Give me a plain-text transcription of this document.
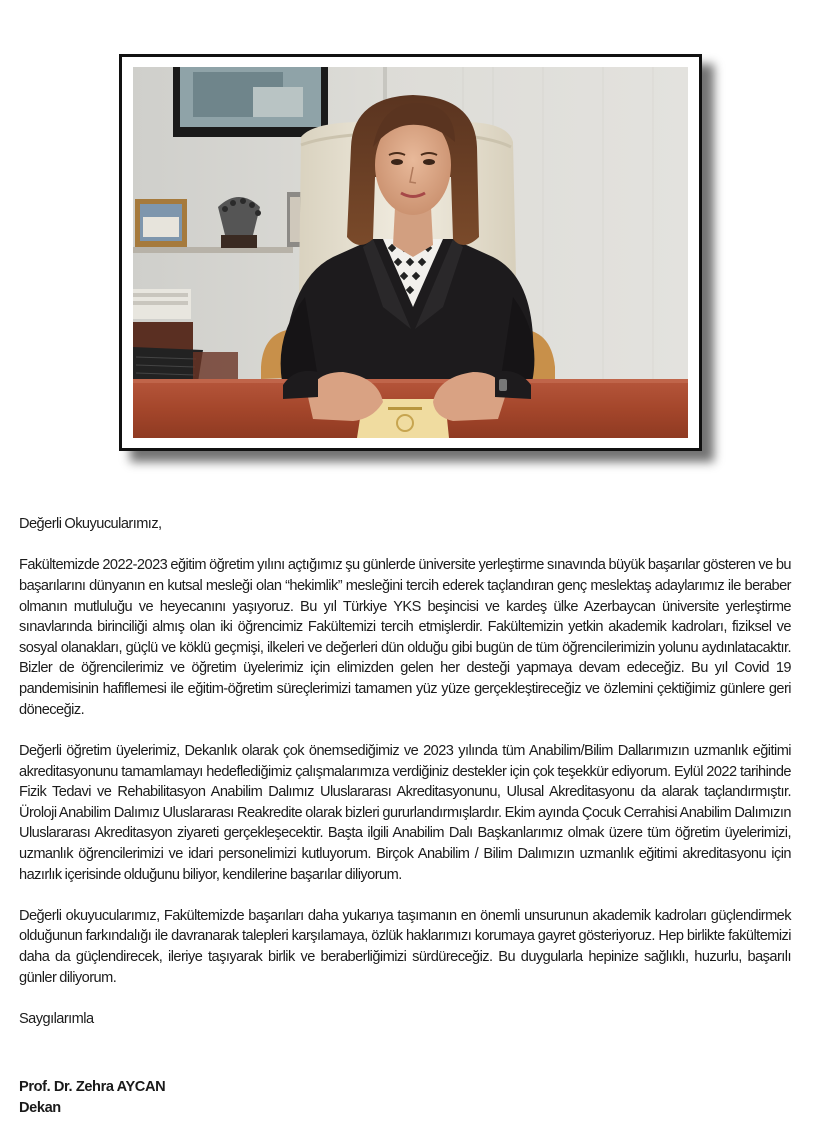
Değerli Okuyucularımız,

Fakültemizde 2022-2023 eğitim öğretim yılını açtığımız şu günlerde üniversite yerleştirme sınavında büyük başarılar gösteren ve bu başarılarını dünyanın en kutsal mesleği olan “hekimlik” mesleğini tercih ederek taçlandıran genç meslektaş adaylarımız ile beraber olmanın mutluluğu ve heyecanını yaşıyoruz. Bu yıl Türkiye YKS beşincisi ve kardeş ülke Azerbaycan üniversite yerleştirme sınavlarında birinciliği almış olan iki öğrencimiz Fakültemizi tercih etmişlerdir. Fakültemizin yetkin akademik kadroları, fiziksel ve sosyal olanakları, güçlü ve köklü geçmişi, ilkeleri ve değerleri dün olduğu gibi bugün de tüm öğrencilerimizin yolunu aydınlatacaktır. Bizler de öğrencilerimiz ve öğretim üyelerimiz için elimizden gelen her desteği yapmaya devam edeceğiz. Bu yıl Covid 19 pandemisinin hafiflemesi ile eğitim-öğretim süreçlerimizi tamamen yüz yüze gerçekleştireceğiz ve özlemini çektiğimiz günlere geri döneceğiz.

Değerli öğretim üyelerimiz, Dekanlık olarak çok önemsediğimiz ve 2023 yılında tüm Anabilim/Bilim Dallarımızın uzmanlık eğitimi akreditasyonunu tamamlamayı hedeflediğimiz çalışmalarımıza verdiğiniz destekler için çok teşekkür ediyorum. Eylül 2022 tarihinde Fizik Tedavi ve Rehabilitasyon Anabilim Dalımız Uluslararası Akreditasyonunu, Ulusal Akreditasyonu da alarak taçlandırmıştır. Üroloji Anabilim Dalımız Uluslararası Reakredite olarak bizleri gururlandırmışlardır. Ekim ayında Çocuk Cerrahisi Anabilim Dalımızın Uluslararası Akreditasyon ziyareti gerçekleşecektir. Başta ilgili Anabilim Dalı Başkanlarımız olmak üzere tüm öğretim üyelerimizi, uzmanlık öğrencilerimizi ve idari personelimizi kutluyorum. Birçok Anabilim / Bilim Dalımızın uzmanlık eğitimi akreditasyonu için hazırlık içerisinde olduğunu biliyor, kendilerine başarılar diliyorum.

Değerli okuyucularımız, Fakültemizde başarıları daha yukarıya taşımanın en önemli unsurunun akademik kadroları güçlendirmek olduğunun farkındalığı ile davranarak talepleri karşılamaya, özlük haklarımızı korumaya gayret gösteriyoruz. Hep birlikte fakültemizi daha da güçlendirecek, ileriye taşıyarak birlik ve beraberliğimizi sürdüreceğiz. Bu duygularla hepinize sağlıklı, huzurlu, başarılı günler diliyorum.

Saygılarımla

Prof. Dr. Zehra AYCAN
Dekan
